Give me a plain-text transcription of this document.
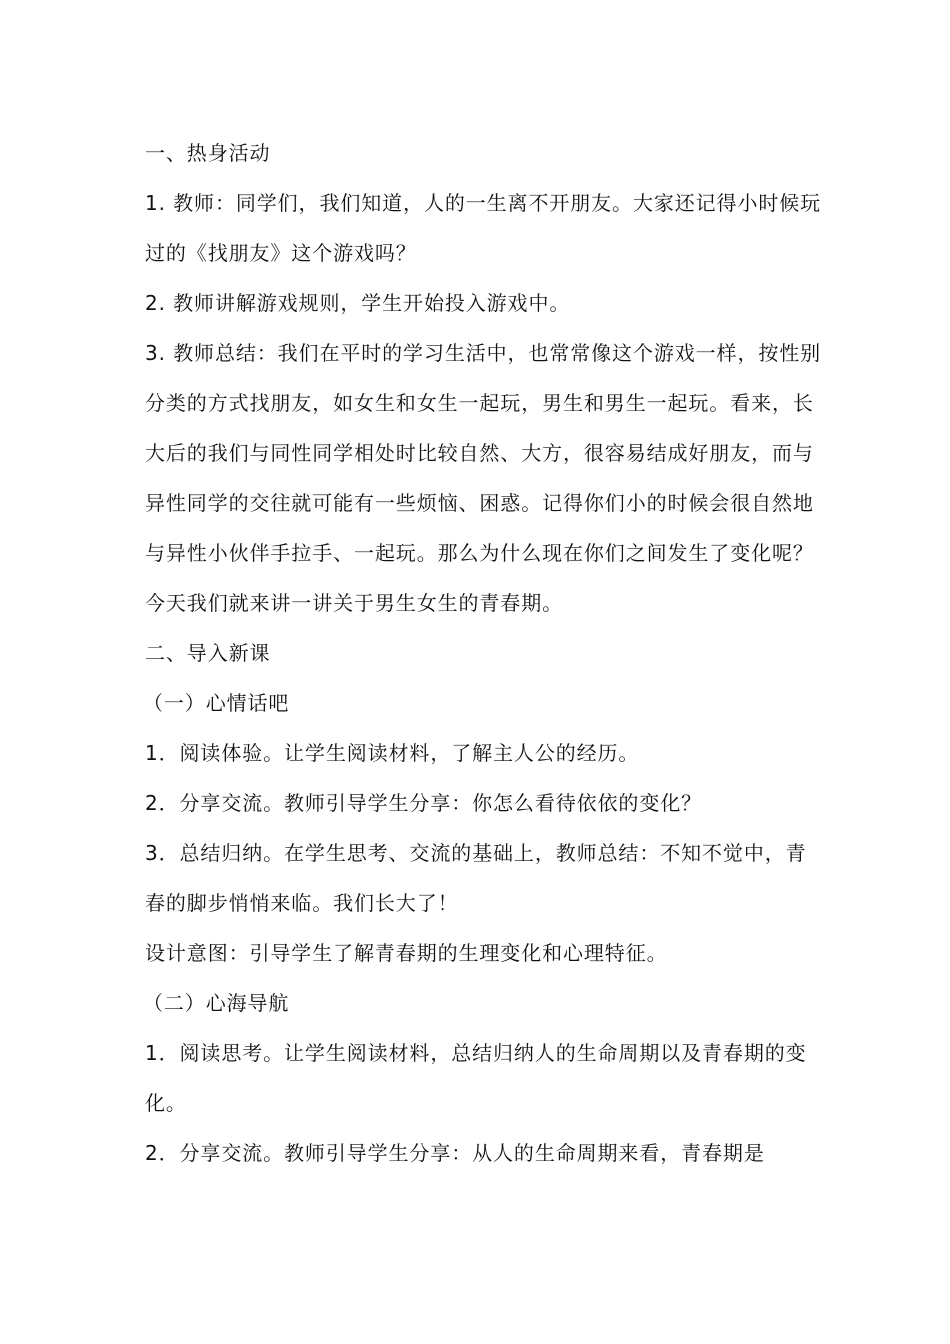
一、热身活动

1. 教师：同学们，我们知道，人的一生离不开朋友。大家还记得小时候玩过的《找朋友》这个游戏吗？

2. 教师讲解游戏规则，学生开始投入游戏中。

3. 教师总结：我们在平时的学习生活中，也常常像这个游戏一样，按性别分类的方式找朋友，如女生和女生一起玩，男生和男生一起玩。看来，长大后的我们与同性同学相处时比较自然、大方，很容易结成好朋友，而与异性同学的交往就可能有一些烦恼、困惑。记得你们小的时候会很自然地与异性小伙伴手拉手、一起玩。那么为什么现在你们之间发生了变化呢？今天我们就来讲一讲关于男生女生的青春期。

二、导入新课

（一）心情话吧

1．阅读体验。让学生阅读材料，了解主人公的经历。

2．分享交流。教师引导学生分享：你怎么看待依依的变化？

3．总结归纳。在学生思考、交流的基础上，教师总结：不知不觉中，青春的脚步悄悄来临。我们长大了！

设计意图：引导学生了解青春期的生理变化和心理特征。

（二）心海导航

1．阅读思考。让学生阅读材料，总结归纳人的生命周期以及青春期的变化。

2．分享交流。教师引导学生分享：从人的生命周期来看，青春期是
